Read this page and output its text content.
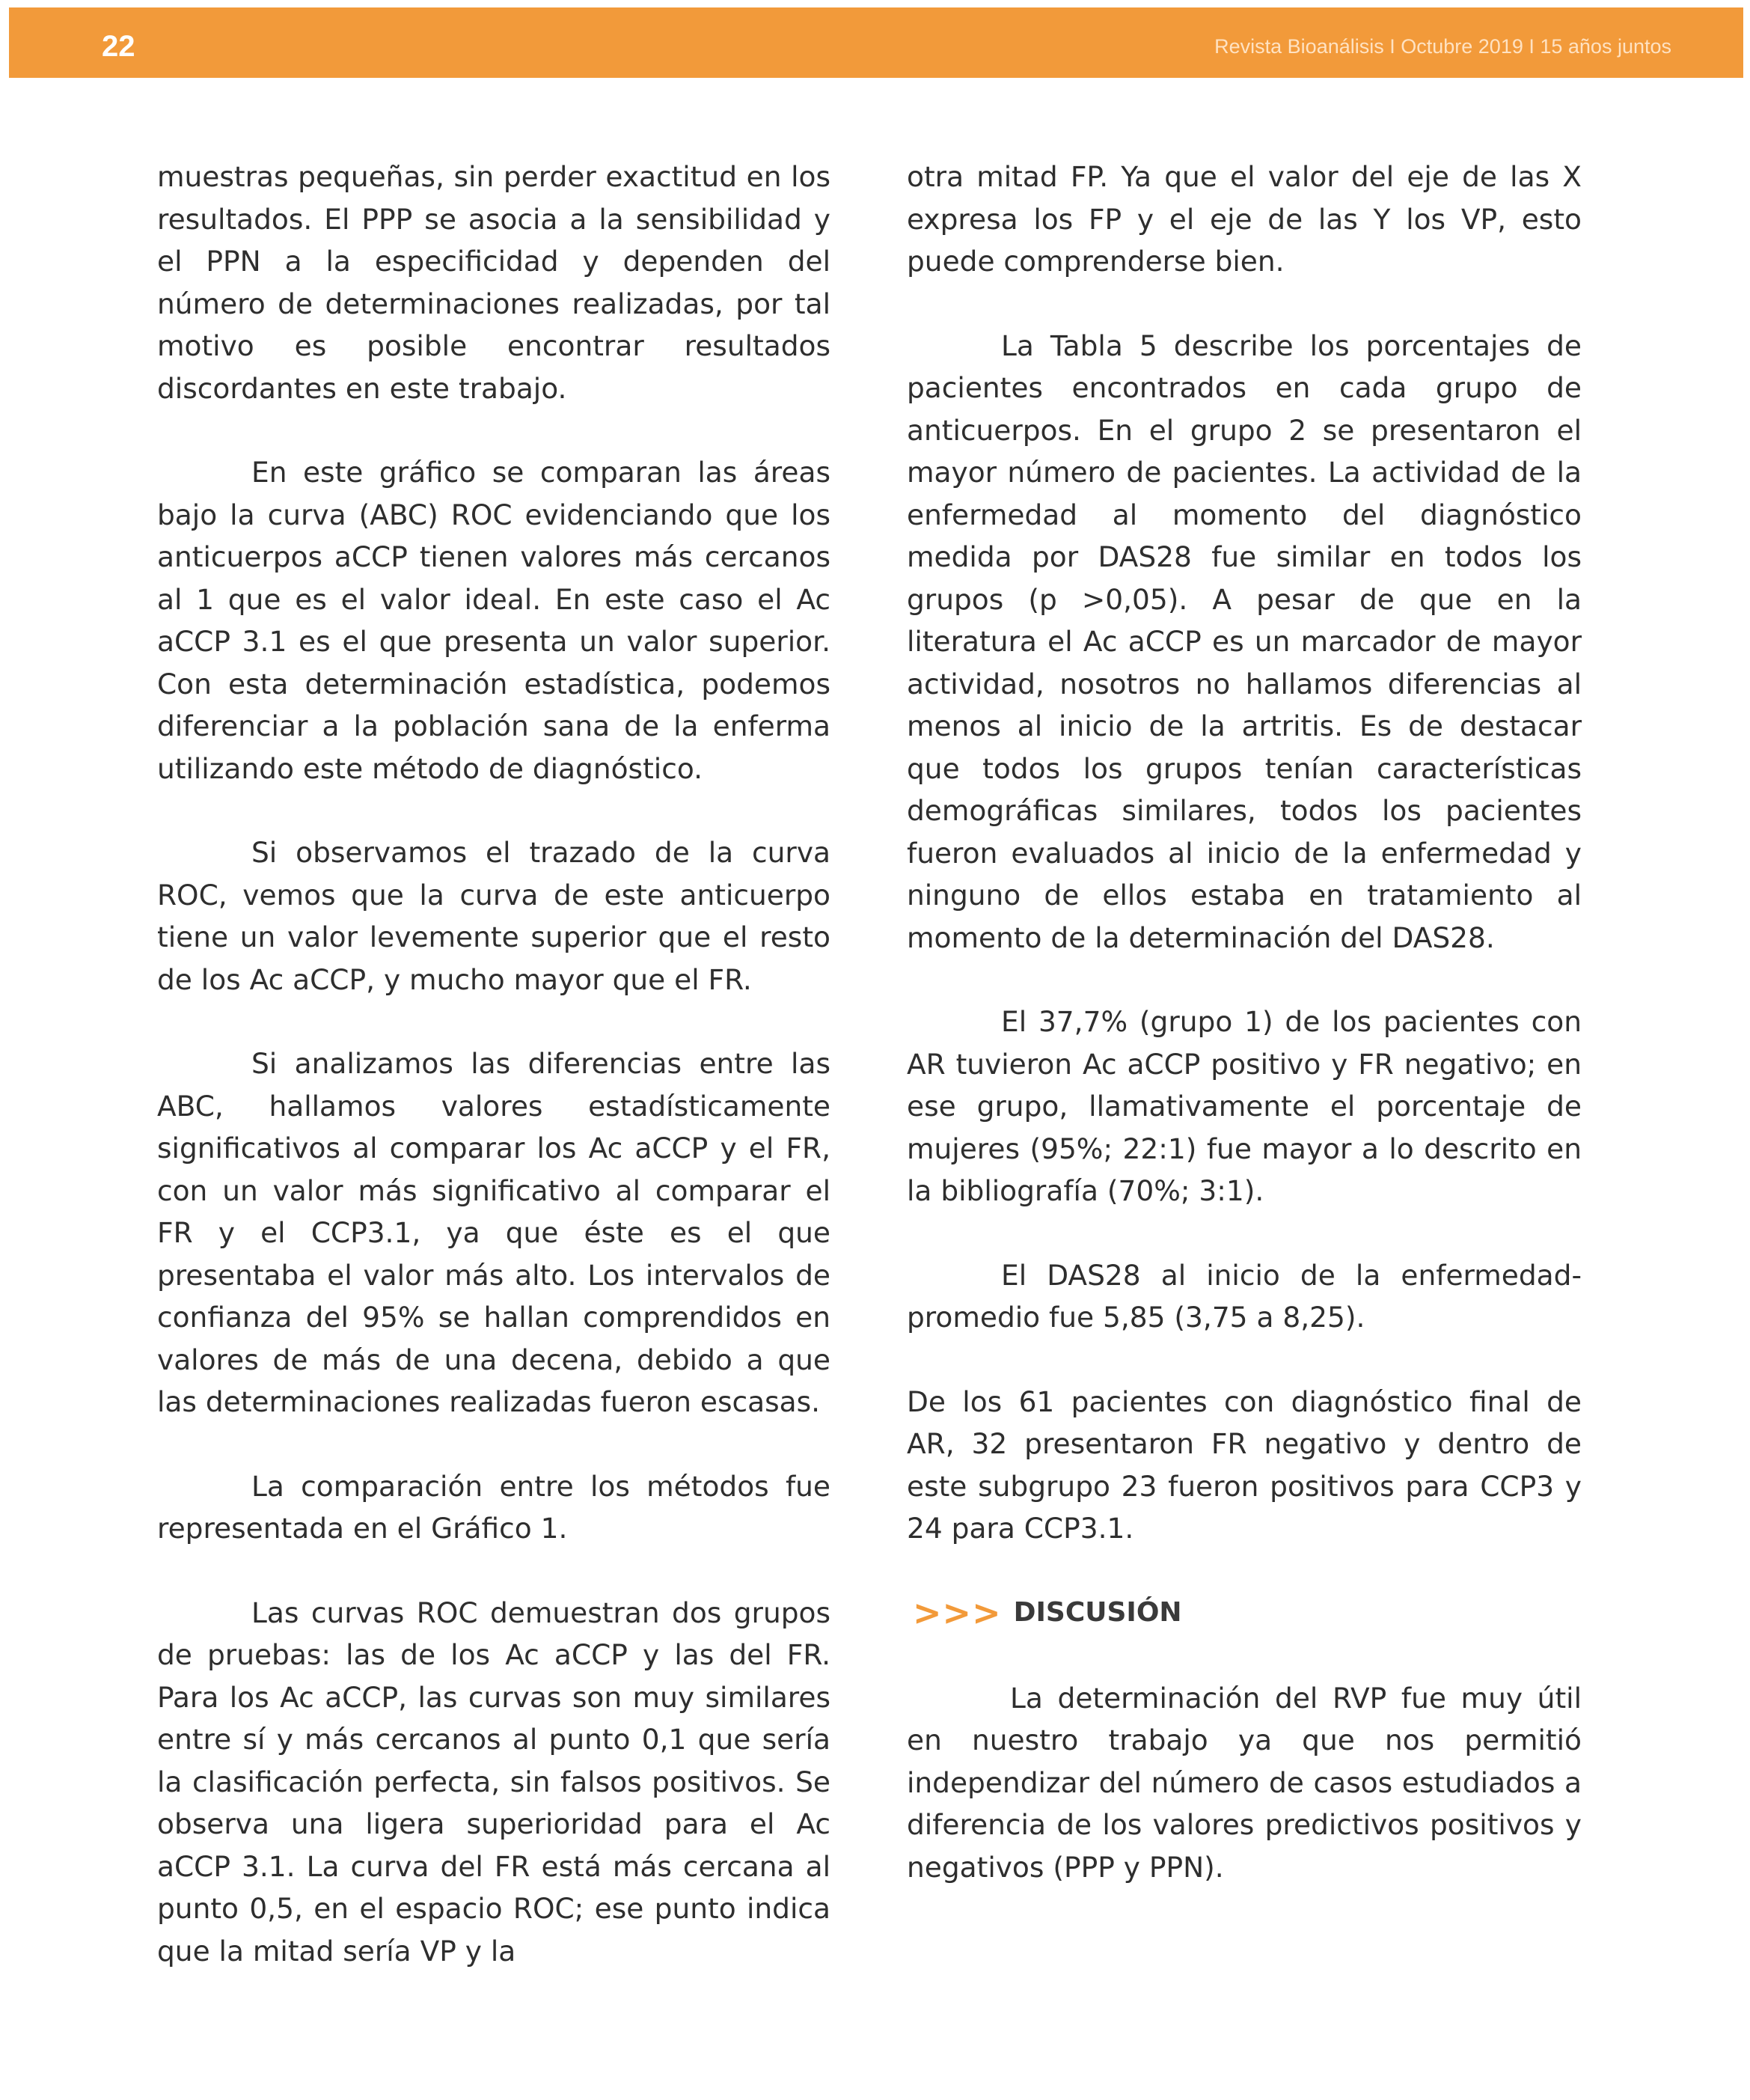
22	Revista Bioanálisis I Octubre 2019 I 15 años juntos

muestras pequeñas, sin perder exactitud en los resultados. El PPP se asocia a la sensibilidad y el PPN a la especificidad y dependen del número de determinaciones realizadas, por tal motivo es posible encontrar resultados discordantes en este trabajo.

En este gráfico se comparan las áreas bajo la curva (ABC) ROC evidenciando que los anticuerpos aCCP tienen valores más cercanos al 1 que es el valor ideal. En este caso el Ac aCCP 3.1 es el que presenta un valor superior. Con esta determinación estadística, podemos diferenciar a la población sana de la enferma utilizando este método de diagnóstico.

Si observamos el trazado de la curva ROC, vemos que la curva de este anticuerpo tiene un valor levemente superior que el resto de los Ac aCCP, y mucho mayor que el FR.

Si analizamos las diferencias entre las ABC, hallamos valores estadísticamente significativos al comparar los Ac aCCP y el FR, con un valor más significativo al comparar el FR y el CCP3.1, ya que éste es el que presentaba el valor más alto. Los intervalos de confianza del 95% se hallan comprendidos en valores de más de una decena, debido a que las determinaciones realizadas fueron escasas.

La comparación entre los métodos fue representada en el Gráfico 1.

Las curvas ROC demuestran dos grupos de pruebas: las de los Ac aCCP y las del FR. Para los Ac aCCP, las curvas son muy similares entre sí y más cercanos al punto 0,1 que sería la clasificación perfecta, sin falsos positivos. Se observa una ligera superioridad para el Ac aCCP 3.1. La curva del FR está más cercana al punto 0,5, en el espacio ROC; ese punto indica que la mitad sería VP y la

otra mitad FP. Ya que el valor del eje de las X expresa los FP y el eje de las Y los VP, esto puede comprenderse bien.

La Tabla 5 describe los porcentajes de pacientes encontrados en cada grupo de anticuerpos. En el grupo 2 se presentaron el mayor número de pacientes. La actividad de la enfermedad al momento del diagnóstico medida por DAS28 fue similar en todos los grupos (p >0,05). A pesar de que en la literatura el Ac aCCP es un marcador de mayor actividad, nosotros no hallamos diferencias al menos al inicio de la artritis. Es de destacar que todos los grupos tenían características demográficas similares, todos los pacientes fueron evaluados al inicio de la enfermedad y ninguno de ellos estaba en tratamiento al momento de la determinación del DAS28.

El 37,7% (grupo 1) de los pacientes con AR tuvieron Ac aCCP positivo y FR negativo; en ese grupo, llamativamente el porcentaje de mujeres (95%; 22:1) fue mayor a lo descrito en la bibliografía (70%; 3:1).

El DAS28 al inicio de la enfermedad-promedio fue 5,85 (3,75 a 8,25).

De los 61 pacientes con diagnóstico final de AR, 32 presentaron FR negativo y dentro de este subgrupo 23 fueron positivos para CCP3 y 24 para CCP3.1.

>>> DISCUSIÓN

La determinación del RVP fue muy útil en nuestro trabajo ya que nos permitió independizar del número de casos estudiados a diferencia de los valores predictivos positivos y negativos (PPP y PPN).
